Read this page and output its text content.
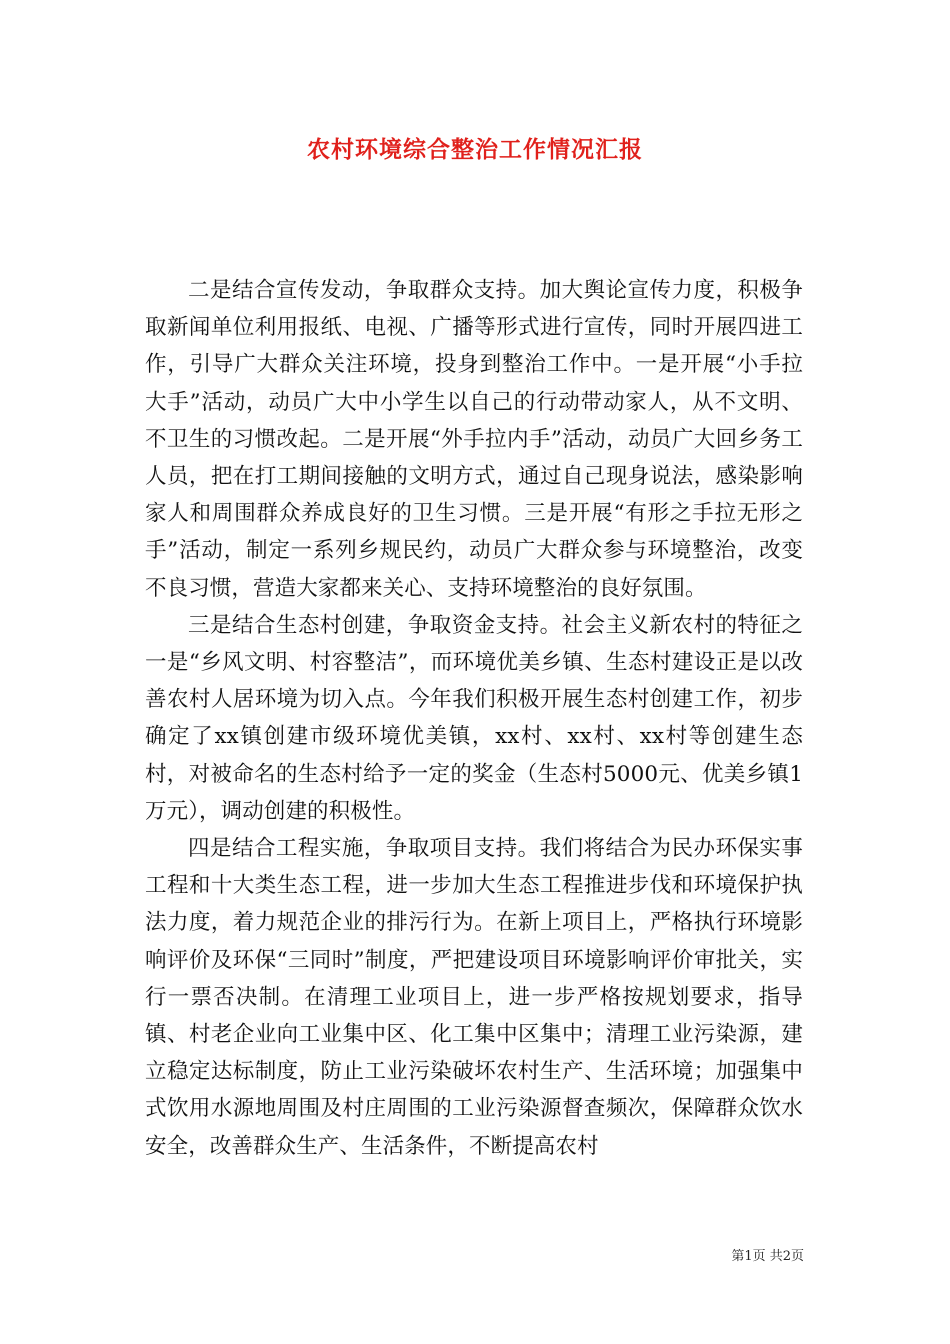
农村环境综合整治工作情况汇报

二是结合宣传发动，争取群众支持。加大舆论宣传力度，积极争取新闻单位利用报纸、电视、广播等形式进行宣传，同时开展四进工作，引导广大群众关注环境，投身到整治工作中。一是开展“小手拉大手”活动，动员广大中小学生以自己的行动带动家人，从不文明、不卫生的习惯改起。二是开展“外手拉内手”活动，动员广大回乡务工人员，把在打工期间接触的文明方式，通过自己现身说法，感染影响家人和周围群众养成良好的卫生习惯。三是开展“有形之手拉无形之手”活动，制定一系列乡规民约，动员广大群众参与环境整治，改变不良习惯，营造大家都来关心、支持环境整治的良好氛围。

三是结合生态村创建，争取资金支持。社会主义新农村的特征之一是“乡风文明、村容整洁”，而环境优美乡镇、生态村建设正是以改善农村人居环境为切入点。今年我们积极开展生态村创建工作，初步确定了xx镇创建市级环境优美镇，xx村、xx村、xx村等创建生态村，对被命名的生态村给予一定的奖金（生态村5000元、优美乡镇1万元），调动创建的积极性。

四是结合工程实施，争取项目支持。我们将结合为民办环保实事工程和十大类生态工程，进一步加大生态工程推进步伐和环境保护执法力度，着力规范企业的排污行为。在新上项目上，严格执行环境影响评价及环保“三同时”制度，严把建设项目环境影响评价审批关，实行一票否决制。在清理工业项目上，进一步严格按规划要求，指导镇、村老企业向工业集中区、化工集中区集中；清理工业污染源，建立稳定达标制度，防止工业污染破坏农村生产、生活环境；加强集中式饮用水源地周围及村庄周围的工业污染源督查频次，保障群众饮水安全，改善群众生产、生活条件，不断提高农村

第1页 共2页
